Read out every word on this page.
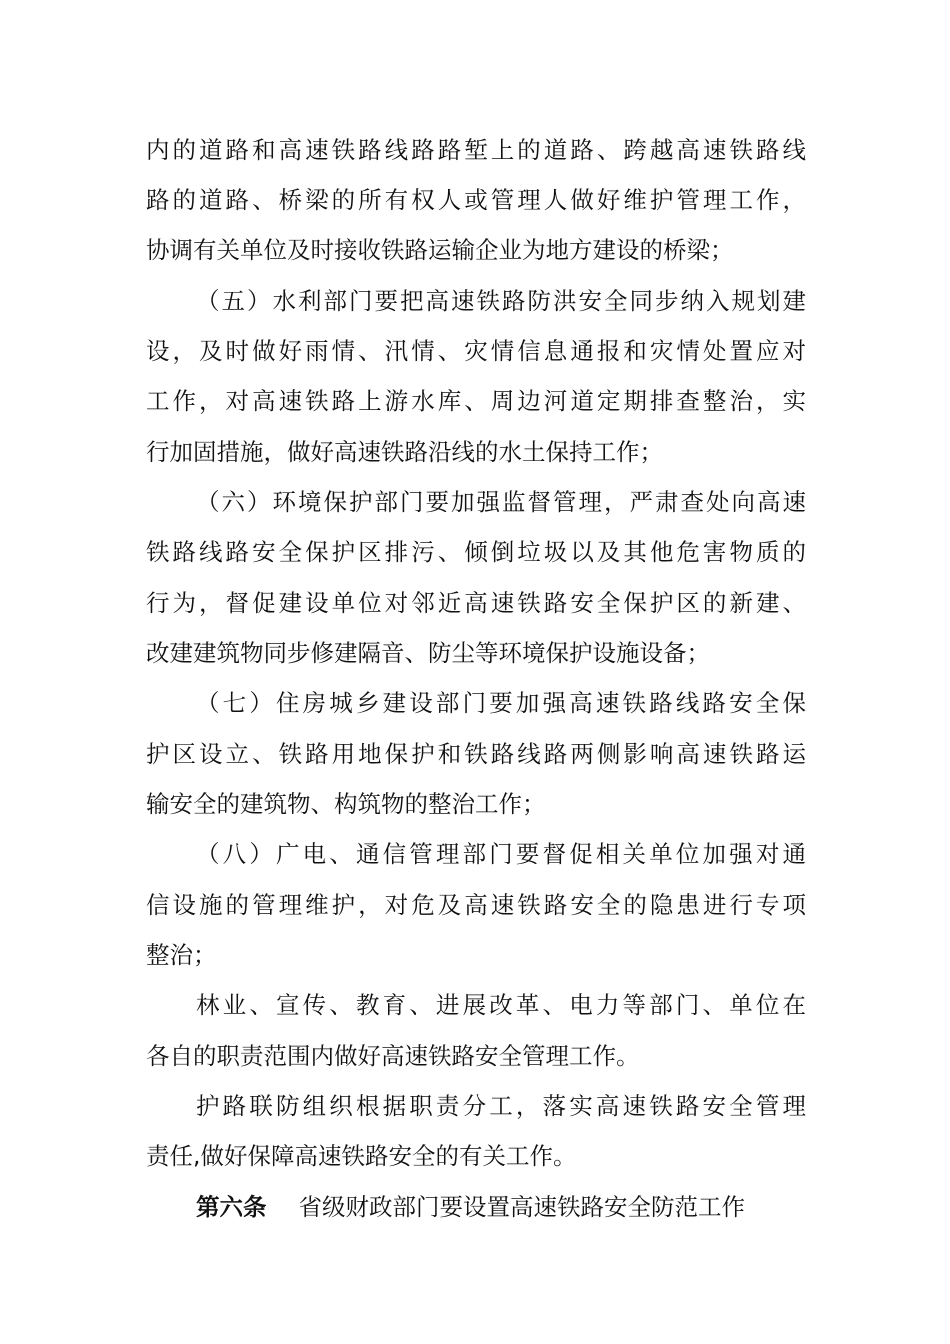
内的道路和高速铁路线路路堑上的道路、跨越高速铁路线
路的道路、桥梁的所有权人或管理人做好维护管理工作，
协调有关单位及时接收铁路运输企业为地方建设的桥梁；
（五）水利部门要把高速铁路防洪安全同步纳入规划建
设，及时做好雨情、汛情、灾情信息通报和灾情处置应对
工作，对高速铁路上游水库、周边河道定期排查整治，实
行加固措施，做好高速铁路沿线的水土保持工作；
（六）环境保护部门要加强监督管理，严肃查处向高速
铁路线路安全保护区排污、倾倒垃圾以及其他危害物质的
行为，督促建设单位对邻近高速铁路安全保护区的新建、
改建建筑物同步修建隔音、防尘等环境保护设施设备；
（七）住房城乡建设部门要加强高速铁路线路安全保
护区设立、铁路用地保护和铁路线路两侧影响高速铁路运
输安全的建筑物、构筑物的整治工作；
（八）广电、通信管理部门要督促相关单位加强对通
信设施的管理维护，对危及高速铁路安全的隐患进行专项
整治；
林业、宣传、教育、进展改革、电力等部门、单位在
各自的职责范围内做好高速铁路安全管理工作。
护路联防组织根据职责分工，落实高速铁路安全管理
责任,做好保障高速铁路安全的有关工作。
第六条 省级财政部门要设置高速铁路安全防范工作
